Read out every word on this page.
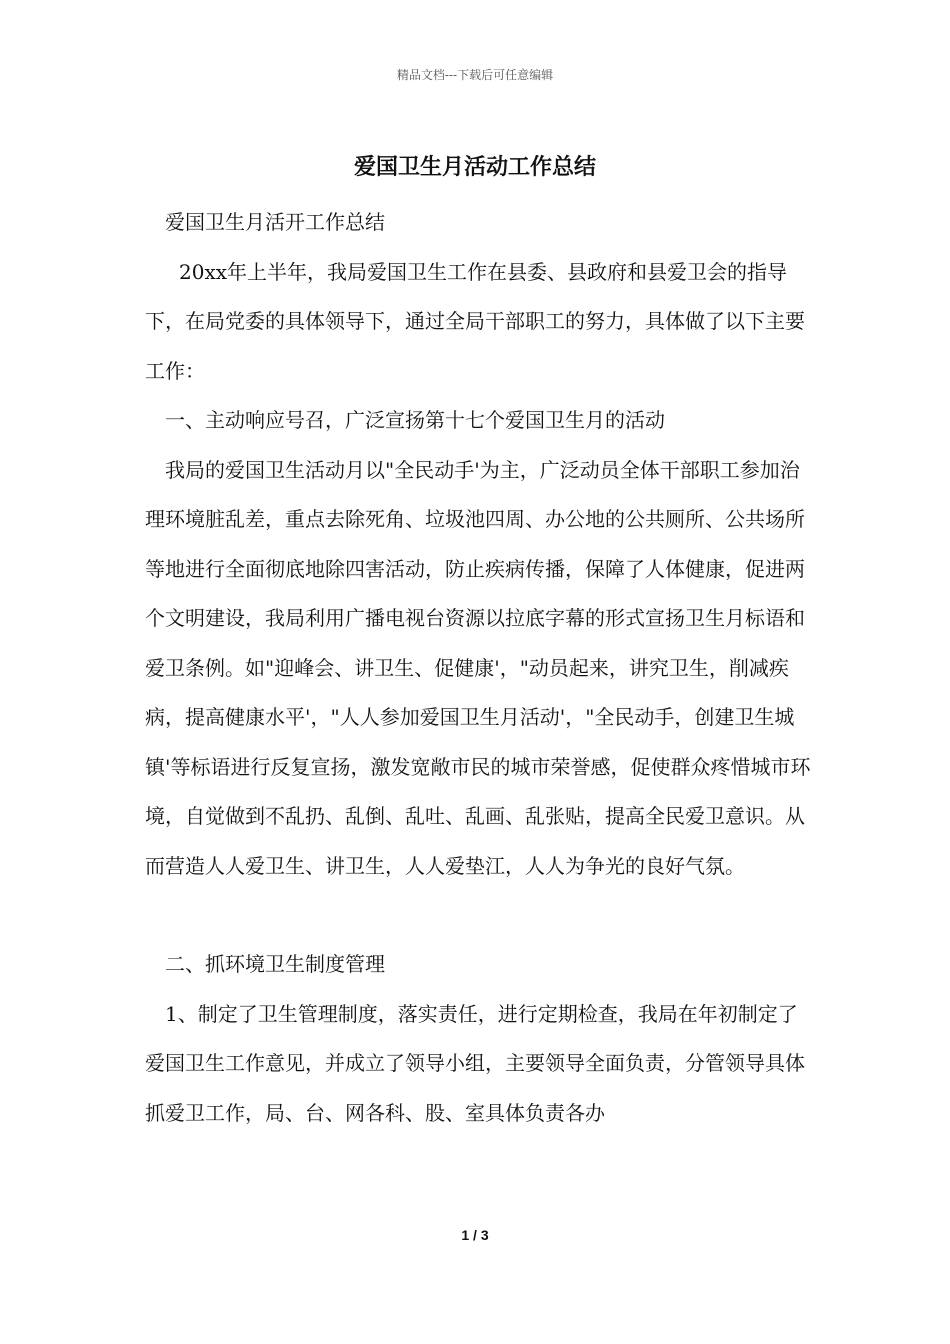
精品文档---下载后可任意编辑
爱国卫生月活动工作总结

爱国卫生月活开工作总结

20xx年上半年，我局爱国卫生工作在县委、县政府和县爱卫会的指导下，在局党委的具体领导下，通过全局干部职工的努力，具体做了以下主要工作：

一、主动响应号召，广泛宣扬第十七个爱国卫生月的活动

我局的爱国卫生活动月以"全民动手'为主，广泛动员全体干部职工参加治理环境脏乱差，重点去除死角、垃圾池四周、办公地的公共厕所、公共场所等地进行全面彻底地除四害活动，防止疾病传播，保障了人体健康，促进两个文明建设，我局利用广播电视台资源以拉底字幕的形式宣扬卫生月标语和爱卫条例。如"迎峰会、讲卫生、促健康'，"动员起来，讲究卫生，削减疾病，提高健康水平'，"人人参加爱国卫生月活动'，"全民动手，创建卫生城镇'等标语进行反复宣扬，激发宽敞市民的城市荣誉感，促使群众疼惜城市环境，自觉做到不乱扔、乱倒、乱吐、乱画、乱张贴，提高全民爱卫意识。从而营造人人爱卫生、讲卫生，人人爱垫江，人人为争光的良好气氛。

二、抓环境卫生制度管理

1、制定了卫生管理制度，落实责任，进行定期检查，我局在年初制定了爱国卫生工作意见，并成立了领导小组，主要领导全面负责，分管领导具体抓爱卫工作，局、台、网各科、股、室具体负责各办

1 / 3
